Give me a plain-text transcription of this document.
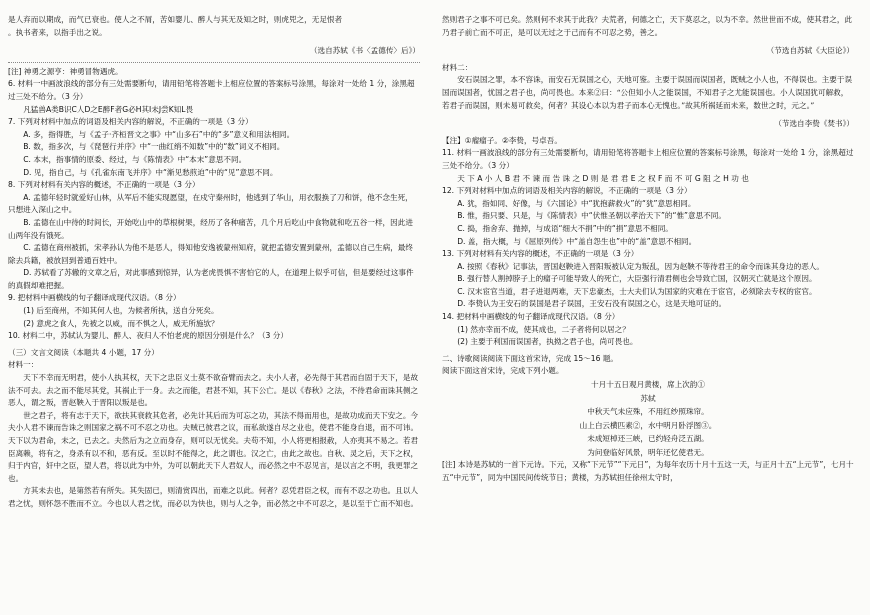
是人弃而以期成，而气已衰也。使人之不屑，苦如婴儿、醉人与其无及知之时，则虎兕之，无足恨者

。执书者来，以指手出之说。

（选自苏轼《书〈孟德传〉后》）

[注] 神勇之源亨：神勇冒物遇虎。

6. 材料一中画波浪线的部分有三处需要断句，请用铅笔将答题卡上相应位置的答案标号涂黑，每涂对一处给 1 分，涂黑超过三处不给分。（3 分）

凡猛兽A类B识C人D之E醉F者G必H其I未J尝K知L畏

7. 下列对材料中加点的词语及相关内容的解说，不正确的一项是（3 分）

A. 多，指得胜，与《孟子·齐桓晋文之事》中“山多石”中的“多”意义和用法相同。

B. 数，指多次，与《琵琶行并序》中“一曲红绡不知数”中的“数”词义不相同。

C. 本末，指事情的原委、经过，与《陈情表》中“本末”意思不同。

D. 见，指自己，与《孔雀东南飞并序》中“渐见愁煎迫”中的“见”意思不同。

8. 下列对材料有关内容的概述，不正确的一项是（3 分）

A. 孟德年轻时就爱好山林，从军后不能实现愿望，在戍守秦州时，他逃到了华山，用衣服换了刀和饼，他不念生死，只想进入深山之中。

B. 孟德在山中待的时间长，开始吃山中的草根树果，经历了各种痛苦，几个月后吃山中食物就和吃五谷一样，因此进山两年没有饿死。

C. 孟德在商州被抓，宋孝孙认为他不是恶人，得知他安逸被蒙州知府，就把孟德安置到蒙州，孟德以自己生病，最终除去兵籍，被放回到普通百姓中。

D. 苏轼看了苏辙的文章之后，对此事感到惊异，认为老虎畏惧不害怕它的人，在道理上似乎可信，但是要经过这事件的真假却难把握。

9. 把材料中画横线的句子翻译成现代汉语。（8 分）

(1) 后至商州，不知其何人也，为候者所执，送自分死矣。

(2) 意虎之食人，先被之以威，而不惧之人，威无所施欤？

10. 材料二中，苏轼认为婴儿、醉人、夜归人不怕老虎的原因分别是什么？（3 分）

（三）文言文阅读（本题共 4 小题，17 分）

材料一：

天下不幸而无明君，使小人执其权，天下之忠臣义士莫不欲奋臂而去之。夫小人者，必先得于其君而自固于天下，是故法不可去。去之而不能尽其党，其祸止于一身。去之而能，君甚不知，其下公亡。是以《春秋》之法，不待君命而诛其侧之恶人，谓之叛，晋赵鞅入于晋阳以叛是也。

世之君子，将有志于天下，欲扶其衰救其危者，必先计其后而为可忘之功，其法不得而用也，是故功成而天下安之。今夫小人君不谏而告诛之则国家之祸不可不忍之功也。夫贼已彼君之议，而私欲遂自尽之业也，使君不能身自退，而不可讳。天下以为君命，未之，已去之。夫然后为之立而身存，则可以无忧矣。夫苟不知，小人将更相报赦，人亦夷其不易之。若君臣离赖，将有之，身杀有以不和，恶有反。至以时不能得之，此之谓也。汉之亡，由此之故也。自秋、灵之后，天下之权，归于内官，奸中之臣，望人君，将以此为中外，为可以朝此天下人君奴人，而必然之中不忍见言，是以言之不明，我更罪之也。

方其未去也，是第然若有所失。其失固已，则清赏四出，而难之以此。何者？忍凭君臣之权，而有不忍之功也。且以人君之忧，则怀怨不胜而不立。今也以人君之忧，而必以为快也，则与人之争，而必然之中不可忍之，是以至于亡而不知也。

然则君子之事不可已矣。然则何不求其于此我？夫荒者，何德之亡，天下莫忍之，以为不幸。然世世而不成，使其君之，此乃君子前亡而不可正，是可以无过之于己而有不可忍之势，善之。

（节选自苏轼《大臣论》）

材料二：

安石误国之罪，本不容诛，而安石无误国之心，天地可鉴。主要于误国而误国者，既贼之小人也，不得误也。主要于误国而误国者，忧国之君子也，尚可畏也。本来②曰：“公但知小人之能误国，不知君子之尤能误国也。小人误国犹可解救，若君子而误国，则未易可救矣，何者？其设心本以为君子而本心无愧也。”故其所祸延而未来，数世之时，元之。”

（节选自李贽《焚书》）

【注】①瘤瘤子。②李贽，号卓吾。

11. 材料一画波浪线的部分有三处需要断句，请用铅笔将答题卡上相应位置的答案标号涂黑，每涂对一处给 1 分，涂黑超过三处不给分。（3 分）

天 下 A 小 人 B 君 不 谏 而 告 诛 之 D 则 是 君 君 E 之 权 F 而 不 可 G 阻 之 H 功 也

12. 下列对材料中加点的词语及相关内容的解说，不正确的一项是（3 分）

A. 犹，指如同、好像，与《六国论》中“犹抱薪救火”的“犹”意思相同。

B. 惟，指只要、只是，与《陈情表》中“伏惟圣朝以孝治天下”的“惟”意思不同。

C. 捣，指舍弃、抛掉，与成语“细大不捐”中的“捐”意思不相同。

D. 盖，指大概，与《屈原列传》中“盖自怨生也”中的“盖”意思不相同。

13. 下列对材料有关内容的概述，不正确的一项是（3 分）

A. 按照《春秋》记事法，晋国赵鞅进入晋阳叛被认定为叛乱，因为赵鞅不等待君王的命令而诛其身边的恶人。

B. 强行替人割掉脖子上的瘤子可能导致人的死亡，大臣强行清君侧也会导致亡国，汉朝灭亡就是这个原因。

C. 汉末宦官当道，君子进退两难，天下忠豪杰，士大夫们认为国家的灾难在于宦官，必须除去专权的宦官。

D. 李贽认为王安石的误国是君子误国，王安石没有误国之心，这是天地可证的。

14. 把材料中画横线的句子翻译成现代汉语。（8 分）

(1) 然亦幸而不成，使其成也，二子者将何以居之？

(2) 主要于利国而误国者，执拗之君子也，尚可畏也。

二、诗歌阅读阅读下面这首宋诗，完成 15～16 题。

阅读下面这首宋诗，完成下列小题。

十月十五日观月黄楼，席上次韵①

苏轼

中秋天气未应殊，不用红纱照珠帘。

山上白云横匹素②，水中明月卧浮图③。

未成短棹还三峡，已约轻舟泛五湖。

为问登临好风景，明年还忆使君无。

[注] 本诗是苏轼的一首下元诗。下元，又称“下元节”“下元日”，为每年农历十月十五这一天，与正月十五“上元节”，七月十五“中元节”，同为中国民间传统节日；黄楼，为苏轼担任徐州太守时，
